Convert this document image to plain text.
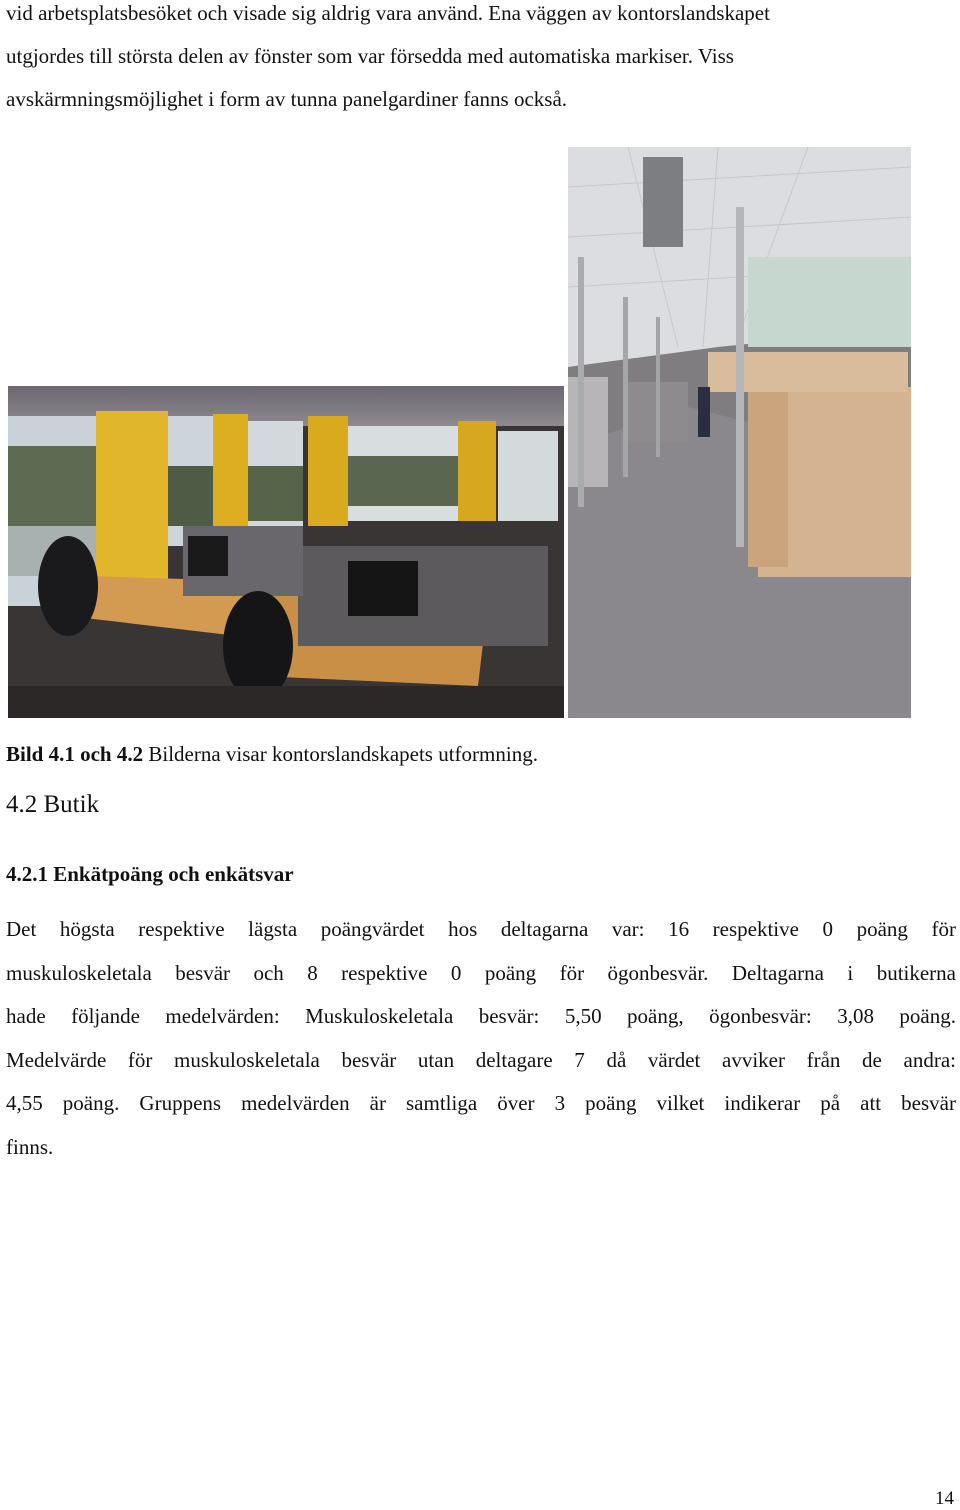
vid arbetsplatsbesöket och visade sig aldrig vara använd. Ena väggen av kontorslandskapet
utgjordes till största delen av fönster som var försedda med automatiska markiser. Viss
avskärmningsmöjlighet i form av tunna panelgardiner fanns också.
Bild 4.1 och 4.2 Bilderna visar kontorslandskapets utformning.
4.2 Butik
4.2.1 Enkätpoäng och enkätsvar
Det högsta respektive lägsta poängvärdet hos deltagarna var: 16 respektive 0 poäng för
muskuloskeletala besvär och 8 respektive 0 poäng för ögonbesvär. Deltagarna i butikerna
hade följande medelvärden: Muskuloskeletala besvär: 5,50 poäng, ögonbesvär: 3,08 poäng.
Medelvärde för muskuloskeletala besvär utan deltagare 7 då värdet avviker från de andra:
4,55 poäng. Gruppens medelvärden är samtliga över 3 poäng vilket indikerar på att besvär
finns.
14
